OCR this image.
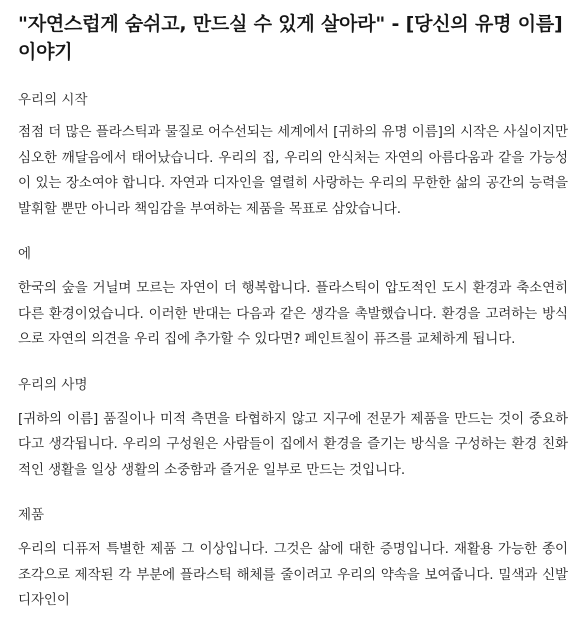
"자연스럽게 숨쉬고, 만드실 수 있게 살아라" - [당신의 유명 이름] 이야기
우리의 시작

점점 더 많은 플라스틱과 물질로 어수선되는 세계에서 [귀하의 유명 이름]의 시작은 사실이지만 심오한 깨달음에서 태어났습니다. 우리의 집, 우리의 안식처는 자연의 아름다움과 같을 가능성이 있는 장소여야 합니다. 자연과 디자인을 열렬히 사랑하는 우리의 무한한 삶의 공간의 능력을 발휘할 뿐만 아니라 책임감을 부여하는 제품을 목표로 삼았습니다.

에

한국의 숲을 거닐며 모르는 자연이 더 행복합니다. 플라스틱이 압도적인 도시 환경과 축소연히 다른 환경이었습니다. 이러한 반대는 다음과 같은 생각을 촉발했습니다. 환경을 고려하는 방식으로 자연의 의견을 우리 집에 추가할 수 있다면? 페인트칠이 퓨즈를 교체하게 됩니다.

우리의 사명

[귀하의 이름] 품질이나 미적 측면을 타협하지 않고 지구에 전문가 제품을 만드는 것이 중요하다고 생각됩니다. 우리의 구성원은 사람들이 집에서 환경을 즐기는 방식을 구성하는 환경 친화적인 생활을 일상 생활의 소중함과 즐거운 일부로 만드는 것입니다.

제품

우리의 디퓨저 특별한 제품 그 이상입니다. 그것은 삶에 대한 증명입니다. 재활용 가능한 종이 조각으로 제작된 각 부분에 플라스틱 해체를 줄이려고 우리의 약속을 보여줍니다. 밀색과 신발 디자인이
